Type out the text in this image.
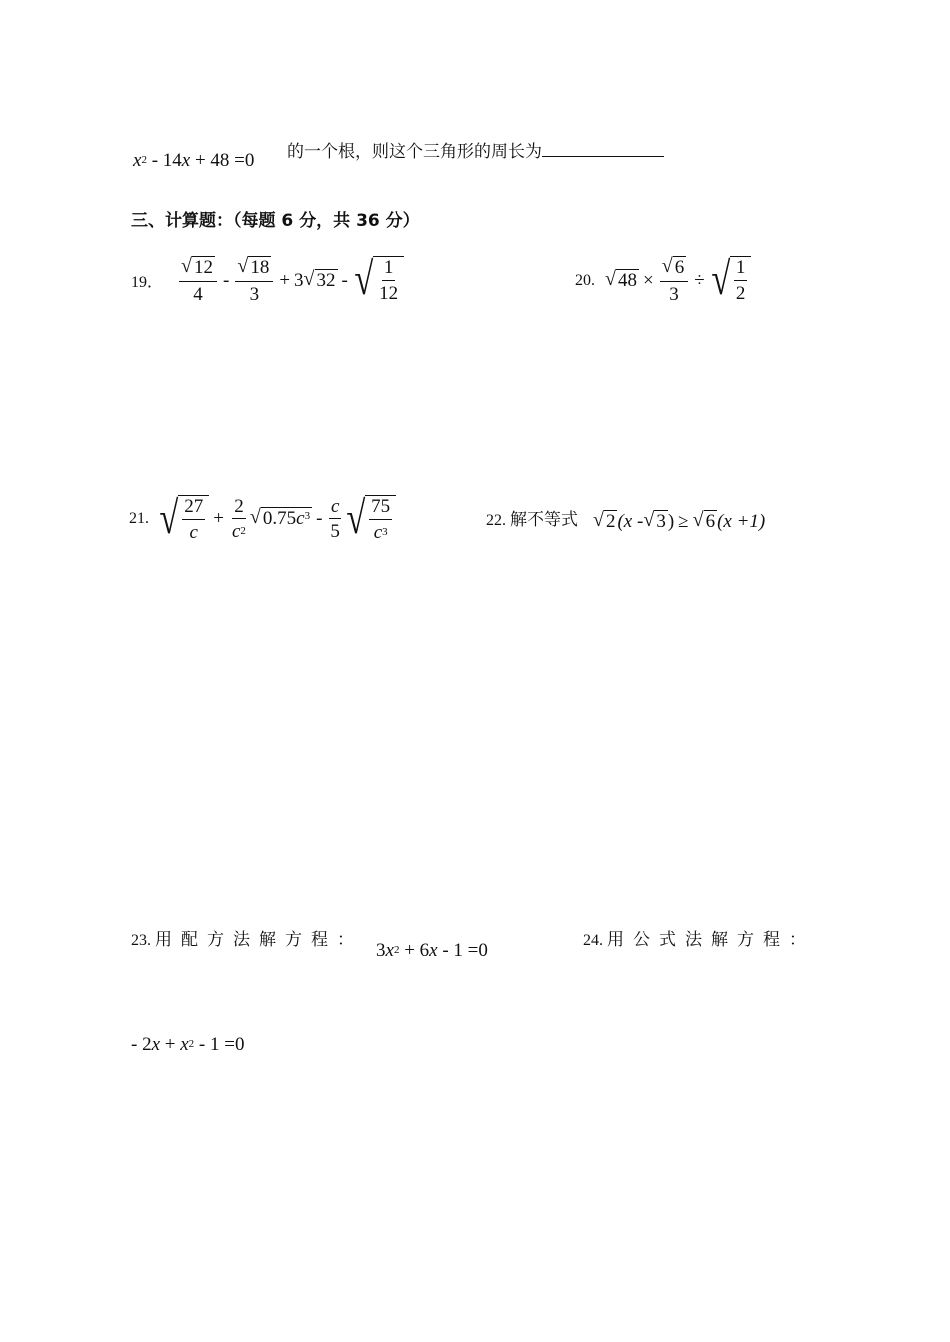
$x^2 - 14x + 48 =0$ 的一个根，则这个三角形的周长为
三、计算题：（每题 6 分，共 36 分）
19． $\frac{√ 12}{4} - \frac{√ 18}{3} + 3$ √ 32 - √ $\frac{1}{12}$	20. √ $48 \times \frac{√ 6}{3}$ ÷ √ $\frac{1}{2}$
21. √ $\frac{27}{c} + \frac{2}{c^2}$ √ 0.75 $c^3 - \frac{c}{5}$ √ $\frac{75}{c^3}$	22. 解不等式 √ 2 (x - √ 3 ) ≥ √ 6 (x +1)
23. 用配方法解方程： $3x^2 + 6x - 1 =0$	24. 用公式法解方程：
- $2x + x^2 - 1 =0$
